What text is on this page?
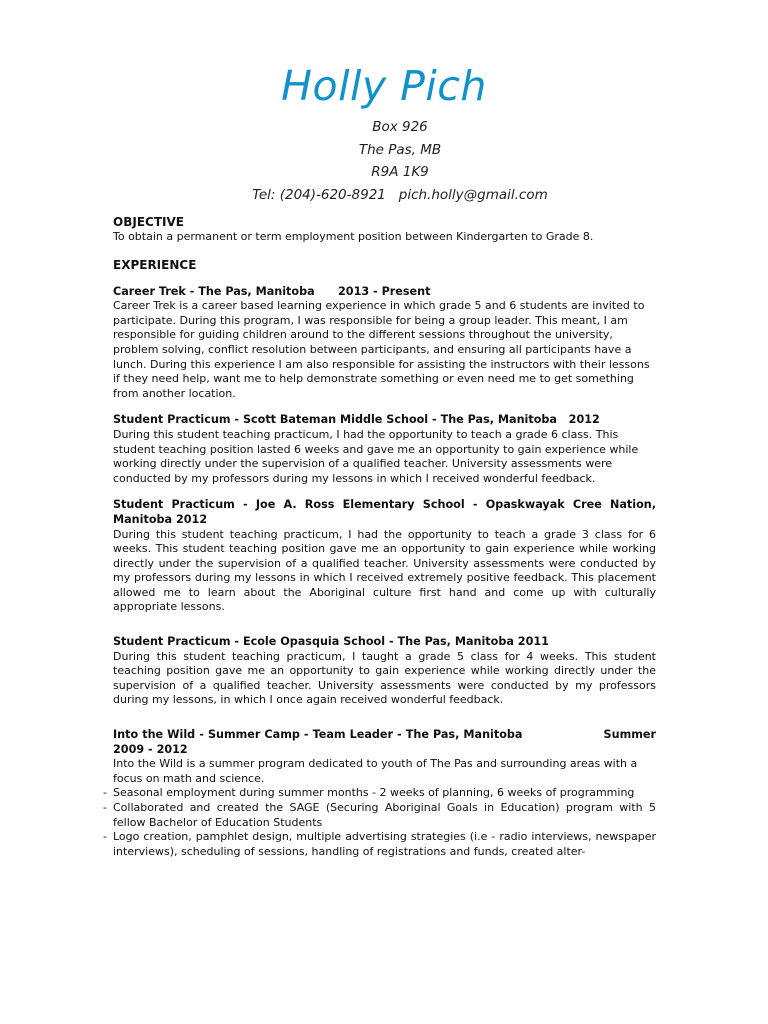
Holly Pich
Box 926
The Pas, MB
R9A 1K9
Tel: (204)-620-8921   pich.holly@gmail.com
OBJECTIVE

To obtain a permanent or term employment position between Kindergarten to Grade 8.

EXPERIENCE
Career Trek - The Pas, Manitoba      2013 - Present

Career Trek is a career based learning experience in which grade 5 and 6 students are invited to participate. During this program, I was responsible for being a group leader. This meant, I am responsible for guiding children around to the different sessions throughout the university, problem solving, conflict resolution between participants, and ensuring all participants have a lunch. During this experience I am also responsible for assisting the instructors with their lessons if they need help, want me to help demonstrate something or even need me to get something from another location.

Student Practicum - Scott Bateman Middle School - The Pas, Manitoba   2012

During this student teaching practicum, I had the opportunity to teach a grade 6 class. This student teaching position lasted 6 weeks and gave me an opportunity to gain experience while working directly under the supervision of a qualified teacher. University assessments were conducted by my professors during my lessons in which I received wonderful feedback.

Student Practicum - Joe A. Ross Elementary School - Opaskwayak Cree Nation, Manitoba 2012

During this student teaching practicum, I had the opportunity to teach a grade 3 class for 6 weeks. This student teaching position gave me an opportunity to gain experience while working directly under the supervision of a qualified teacher. University assessments were conducted by my professors during my lessons in which I received extremely positive feedback. This placement allowed me to learn about the Aboriginal culture first hand and come up with culturally appropriate lessons.

Student Practicum - Ecole Opasquia School - The Pas, Manitoba 2011

During this student teaching practicum, I taught a grade 5 class for 4 weeks. This student teaching position gave me an opportunity to gain experience while working directly under the supervision of a qualified teacher. University assessments were conducted by my professors during my lessons, in which I once again received wonderful feedback.

Into the Wild - Summer Camp - Team Leader - The Pas, Manitoba                    Summer 2009 - 2012

Into the Wild is a summer program dedicated to youth of The Pas and surrounding areas with a focus on math and science.

- Seasonal employment during summer months - 2 weeks of planning, 6 weeks of programming
- Collaborated and created the SAGE (Securing Aboriginal Goals in Education) program with 5 fellow Bachelor of Education Students
- Logo creation, pamphlet design, multiple advertising strategies (i.e - radio interviews, newspaper interviews), scheduling of sessions, handling of registrations and funds, created alter-
